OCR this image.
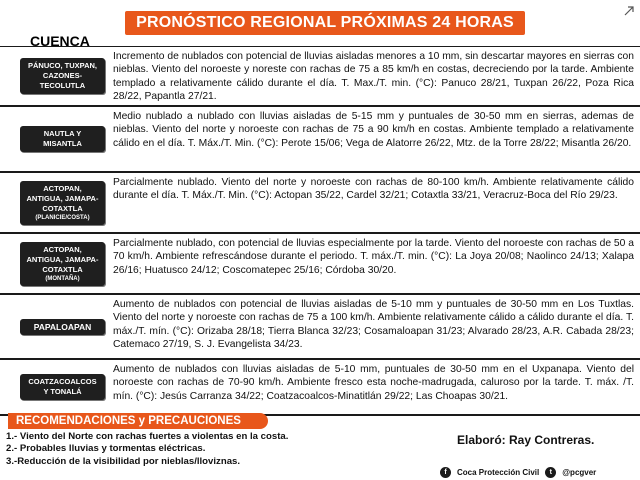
PRONÓSTICO REGIONAL PRÓXIMAS 24 HORAS
CUENCA
PÁNUCO, TUXPAN,
CAZONES-
TECOLUTLA
Incremento de nublados con potencial de lluvias aisladas menores a 10 mm, sin descartar mayores en sierras con nieblas. Viento del noroeste y noreste con rachas de 75 a 85 km/h en costas, decreciendo por la tarde. Ambiente templado a relativamente cálido durante el día. T. Max./T. min. (°C): Panuco 28/21, Tuxpan 26/22, Poza Rica 28/22, Papantla 27/21.
NAUTLA Y
MISANTLA
Medio nublado a nublado con lluvias aisladas de 5-15 mm y puntuales de 30-50 mm en sierras, ademas de nieblas. Viento del norte y noroeste con rachas de 75 a 90 km/h en costas. Ambiente templado a relativamente cálido en el día. T. Máx./T. Min. (°C): Perote 15/06; Vega de Alatorre 26/22, Mtz. de la Torre 28/22; Misantla 26/20.
ACTOPAN,
ANTIGUA, JAMAPA-
COTAXTLA
(PLANICIE/COSTA)
Parcialmente nublado. Viento del norte y noroeste con rachas de 80-100 km/h. Ambiente relativamente cálido durante el día. T. Máx./T. Min. (°C): Actopan 35/22, Cardel 32/21; Cotaxtla 33/21, Veracruz-Boca del Río 29/23.
ACTOPAN,
ANTIGUA, JAMAPA-
COTAXTLA
(MONTAÑA)
Parcialmente nublado, con potencial de lluvias especialmente por la tarde. Viento del noroeste con rachas de 50 a 70 km/h. Ambiente refrescándose durante el periodo. T. máx./T. min. (°C): La Joya 20/08; Naolinco 24/13; Xalapa 26/16; Huatusco 24/12; Coscomatepec 25/16; Córdoba 30/20.
PAPALOAPAN
Aumento de nublados con potencial de lluvias aisladas de 5-10 mm y puntuales de 30-50 mm en Los Tuxtlas. Viento del norte y noroeste con rachas de 75 a 100 km/h. Ambiente relativamente cálido a cálido durante el día. T. máx./T. mín. (°C): Orizaba 28/18; Tierra Blanca 32/23; Cosamaloapan 31/23; Alvarado 28/23, A.R. Cabada 28/23; Catemaco 27/19, S. J. Evangelista 34/23.
COATZACOALCOS
Y TONALÁ
Aumento de nublados con lluvias aisladas de 5-10 mm, puntuales de 30-50 mm en el Uxpanapa. Viento del noroeste con rachas de 70-90 km/h. Ambiente fresco esta noche-madrugada, caluroso por la tarde. T. máx. /T. mín. (°C): Jesús Carranza 34/22; Coatzacoalcos-Minatitlán 29/22; Las Choapas 30/21.
RECOMENDACIONES y PRECAUCIONES
1.- Viento del Norte con rachas fuertes a violentas en la costa.
2.- Probables lluvias y tormentas eléctricas.
3.-Reducción de la visibilidad por nieblas/lloviznas.
Elaboró: Ray Contreras.
f	Coca Protección Civil	t	@pcgver
